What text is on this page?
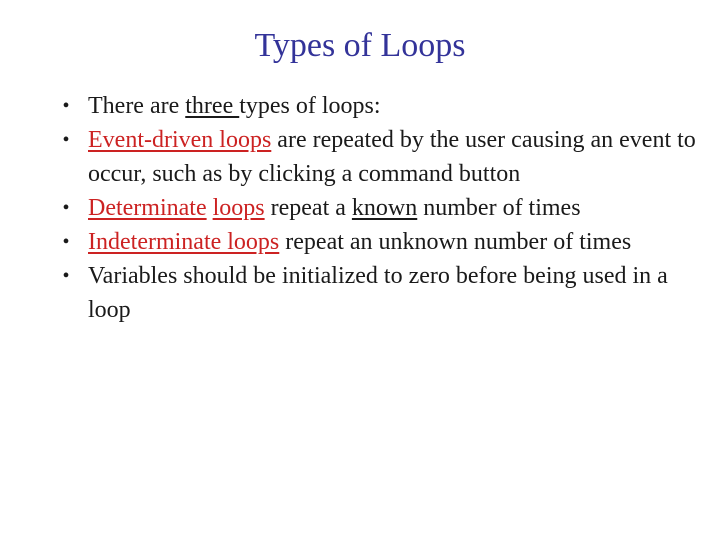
Types of Loops
• There are three types of loops:
• Event-driven loops are repeated by the user causing an event to occur, such as by clicking a command button
• Determinate loops repeat a known number of times
• Indeterminate loops repeat an unknown number of times
• Variables should be initialized to zero before being used in a loop
